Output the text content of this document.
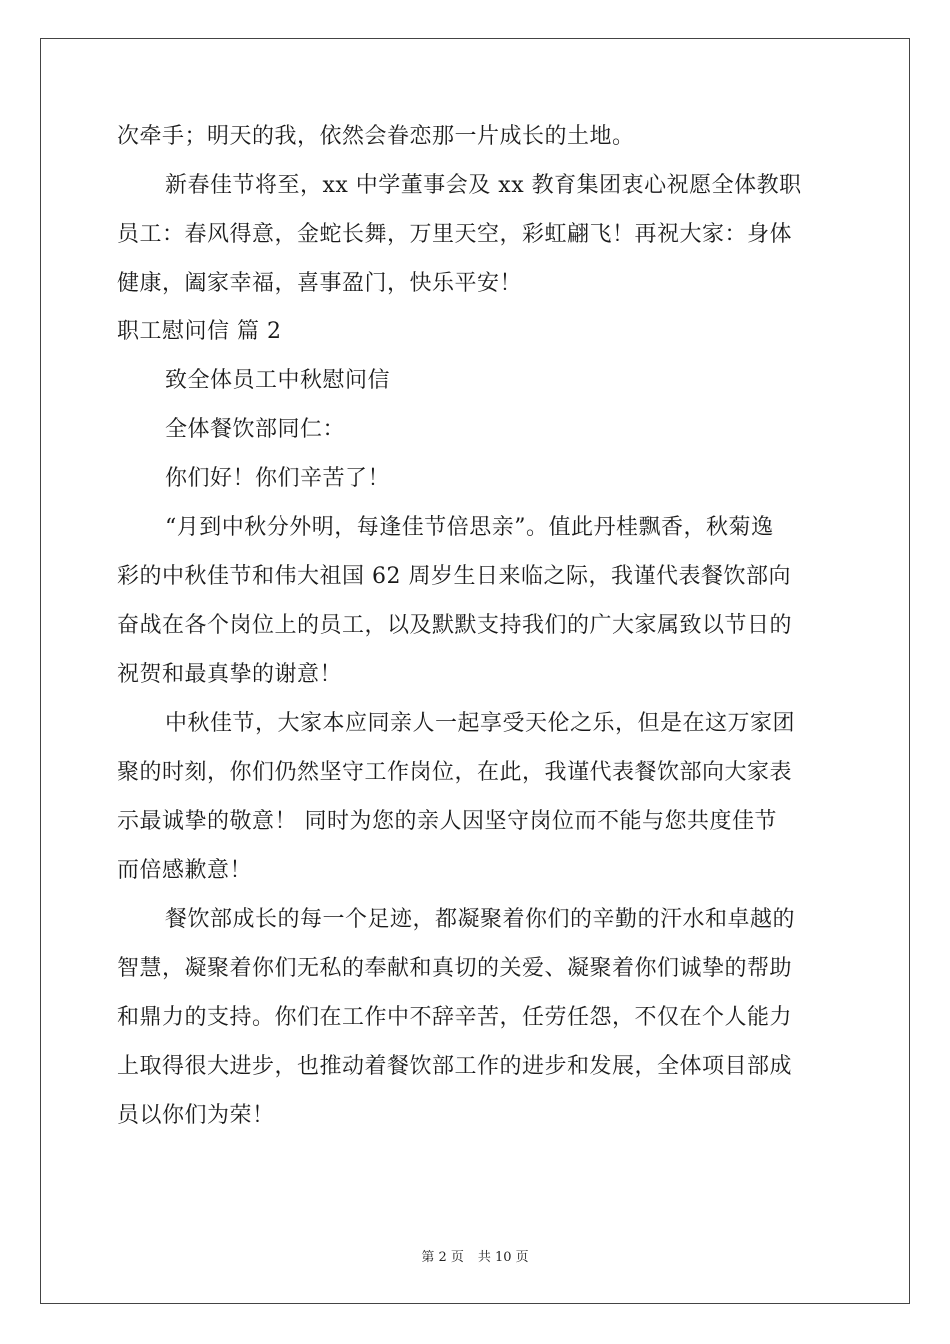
次牵手；明天的我，依然会眷恋那一片成长的土地。
新春佳节将至，xx 中学董事会及 xx 教育集团衷心祝愿全体教职
员工：春风得意，金蛇长舞，万里天空，彩虹翩飞！再祝大家：身体
健康，阖家幸福，喜事盈门，快乐平安！
职工慰问信 篇 2
致全体员工中秋慰问信
全体餐饮部同仁：
你们好！你们辛苦了！
“月到中秋分外明，每逢佳节倍思亲”。值此丹桂飘香，秋菊逸
彩的中秋佳节和伟大祖国 62 周岁生日来临之际，我谨代表餐饮部向
奋战在各个岗位上的员工，以及默默支持我们的广大家属致以节日的
祝贺和最真挚的谢意！
中秋佳节，大家本应同亲人一起享受天伦之乐，但是在这万家团
聚的时刻，你们仍然坚守工作岗位，在此，我谨代表餐饮部向大家表
示最诚挚的敬意！ 同时为您的亲人因坚守岗位而不能与您共度佳节
而倍感歉意！
餐饮部成长的每一个足迹，都凝聚着你们的辛勤的汗水和卓越的
智慧，凝聚着你们无私的奉献和真切的关爱、凝聚着你们诚挚的帮助
和鼎力的支持。你们在工作中不辞辛苦，任劳任怨，不仅在个人能力
上取得很大进步，也推动着餐饮部工作的进步和发展，全体项目部成
员以你们为荣！
第 2 页 共 10 页
